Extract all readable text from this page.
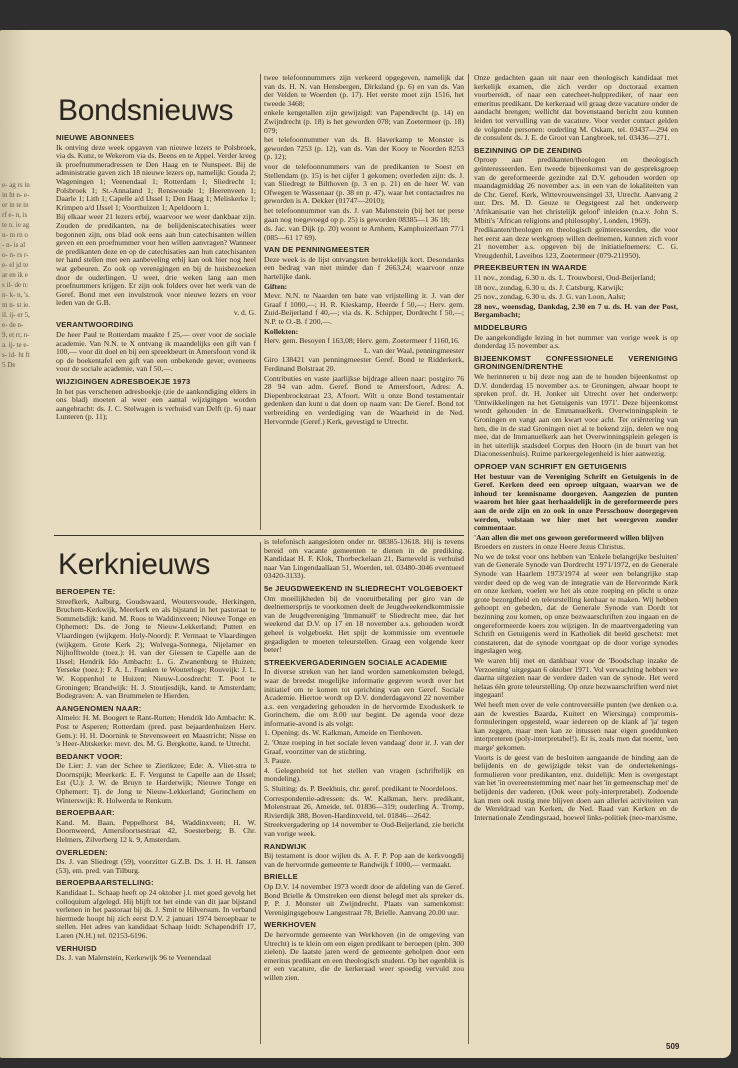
e- ag rs in in ht n- e- er in te in rf e- n, is te n. ie ag u- m rn o- n- is al o- n- rs r- e- el jd te ar en ik es il- de n: n- k- n, 's. m n- st ie. il. ij- er 5, e- de n- 9, et rr, n- a. ij- te e- s- id- ht ft 5 De
Bondsnieuws
NIEUWE ABONNEES

Ik ontving deze week opgaven van nieuwe lezers te Polsbroek, via ds. Kunz, te Wekerom via ds. Beens en te Appel. Verder kreeg ik proefnummeradressen te Den Haag en te Nunspeet. Bij de administratie gaven zich 18 nieuwe lezers op, namelijk: Gouda 2; Wageningen 1; Veenendaal 1; Rotterdam 1; Sliedrecht 1; Polsbroek 1; St.-Annaland 1; Renswoude 1; Heerenveen 1; Daarle 1; Lith 1; Capelle a/d IJssel 1; Den Haag 1; Meliskerke 1; Krimpen a/d IJssel 1; Voorthuizen 1; Apeldoorn 1.

Bij elkaar weer 21 lezers erbij, waarvoor we weer dankbaar zijn. Zouden de predikanten, na de belijdeniscatechisaties weer begonnen zijn, ons blad ook eens aan hun catechisanten willen geven en een proefnummer voor hen willen aanvragen? Wanneer de predikanten deze en op de catechisaties aan hun catechisanten ter hand stellen met een aanbeveling erbij kan ook hier nog heel wat gebeuren. Zo ook op verenigingen en bij de huisbezoeken door de ouderlingen. U weet, drie weken lang aan men proefnummers krijgen. Er zijn ook folders over het werk van de Geref. Bond met een invulstrook voor nieuwe lezers en voor leden van de G.B.

v. d. G.

VERANTWOORDING

De heer Paul te Rotterdam maakte f 25,— over voor de sociale academie. Van N.N. te X ontvang ik maandelijks een gift van f 100,— voor dit doel en bij een spreekbeurt in Amersfoort vond ik op de boekentafel een gift van een onbekende gever, eveneens voor de sociale academie, van f 50,—.

WIJZIGINGEN ADRESBOEKJE 1973

In het pas verschenen adresboekje (zie de aankondiging elders in ons blad) moeten al weer een aantal wijzigingen worden aangebracht: ds. J. C. Stelwagen is verhuisd van Delft (p. 6) naar Lunteren (p. 11);

twee telefoonnummers zijn verkeerd opgegeven, namelijk dat van ds. H. N. van Hensbergen, Dirksland (p. 6) en van ds. Van der Velden te Woerden (p. 17). Het eerste moet zijn 1516, het tweede 3468;

enkele kengetallen zijn gewijzigd: van Papendrecht (p. 14) en Zwijndrecht (p. 18) is het geworden 078; van Zoetermeer (p. 18) 079;

het telefoonnummer van ds. B. Haverkamp te Monster is geworden 7253 (p. 12), van ds. Van der Kooy te Noorden 8253 (p. 12);

voor de telefoonnummers van de predikanten te Soest en Stellendam (p. 15) is het cijfer 1 gekomen; overleden zijn: ds. J. van Sliedregt te Bilthoven (p. 3 en p. 21) en de heer W. van Ofwegen te Wassenaar (p. 38 en p. 47), waar het contactadres nu geworden is A. Dekker (01747—2010);

het telefoonnummer van ds. J. van Malenstein (bij het ter perse gaan nog toegevoegd op p. 25) is geworden 08385—1 36 18;

ds. Jac. van Dijk (p. 20) woont te Arnhem, Kamphuizerlaan 77/1 (085—61 17 69).

VAN DE PENNINGMEESTER

Deze week is de lijst ontvangsten betrekkelijk kort. Desondanks een bedrag van niet minder dan f 2663,24; waarvoor onze hartelijke dank.

Giften:

Mevr. N.N. te Naarden ten bate van vrijstelling ir. J. van der Graaf f 1000,—; H. R. Kieskamp, Heerde f 50,—; Herv. gem. Zuid-Beijerland f 40,—; via ds. K. Schipper, Dordrecht f 50,—; N.P. te O.-B. f 200,—.

Kollekten:

Herv. gem. Besoyen f 163,08; Herv. gem. Zoetermeer f 1160,16.

L. van der Waal, penningmeester

Giro 138421 van penningmeester Geref. Bond te Ridderkerk, Ferdinand Bolstraat 20.

Contributies en vaste jaarlijkse bijdrage alleen naar: postgiro 76 28 94 van adm. Geref. Bond te Amersfoort, Adres: A. Diepenbrockstraat 23, A'foort. Wilt u onze Bond testamentair gedenken dan kunt u dat doen op naam van: De Geref. Bond tot verbreiding en verdediging van de Waarheid in de Ned. Hervormde (Geref.) Kerk, gevestigd te Utrecht.

Kerknieuws
BEROEPEN TE:

Streefkerk, Aalburg, Goudswaard, Woutersvoude, Herkingen, Bruchem-Kerkwijk, Meerkerk en als bijstand in het pastoraat te Sommelsdijk: kand. M. Roos te Waddinxveen; Nieuwe Tonge en Ophemert: Ds. de Jong te Nieuw-Lekkerland; Putten en Vlaardingen (wijkgem. Holy-Noord): P. Vermaat te Vlaardingen (wijkgem. Grote Kerk 2); Wolvega-Sonnega, Nijelamer en Nijhofftwolde (toez.): H. van der Giessen te Capelle aan de IJssel; Hendrik Ido Ambacht: L. G. Zwanenburg te Huizen; Yerseke (toez.): F. A. L. Franken te Wouterloge; Rouveijk: J. L. W. Koppenhol te Huizen; Nieuw-Loosdrecht: T. Poot te Groningen; Brandwijk: H. J. Stoutjesdijk, kand. te Amsterdam; Bodegraven: A. van Brummelen te Hierden.

AANGENOMEN NAAR:

Almelo: H. M. Boogert te Rant-Rutten; Hendrik Ido Ambacht: K. Post te Asperen; Rotterdam (pred. past bejaardenhuizen Herv. Gem.): H. H. Doornink te Stevensweert en Maastricht; Nisse en 's Heer-Abtskerke: mevr. drs. M. G. Bergkotte, kand. te Utrecht.

BEDANKT VOOR:

De Lier: J. van der Schee te Zierikzee; Ede: A. Vliet-stra te Doornspijk; Meerkerk: E. F. Vergunst te Capelle aan de IJssel; Est (U.): J. W. de Bruyn te Harderwijk; Nieuwe Tonge en Ophemert: Tj. de Jong te Nieuw-Lekkerland; Gorinchem en Winterswijk: R. Holwerda te Renkum.

BEROEPBAAR:

Kand. M. Baan, Peppelhorst 84, Waddinxveen; H. W. Doornweerd, Amersfoortsestraat 42, Soesterberg; B. Chr. Helmers, Zilverberg 12 k. 9, Amsterdam.

OVERLEDEN:

Ds. J. van Sliedregt (59), voorzitter G.Z.B. Ds. J. H. H. Jansen (53), em. pred. van Tilburg.

BEROEPBAARSTELLING:

Kandidaat L. Schaap heeft op 24 oktober j.l. met goed gevolg het colloquium afgelegd. Hij blijft tot het einde van dit jaar bijstand verlenen in het pastoraat bij ds. J. Smit te Hilversum. In verband hiermede hoopt hij zich eerst D.V. 2 januari 1974 beroepbaar te stellen. Het adres van kandidaat Schaap luidt: Schapendrift 17, Laren (N.H.) tel. 02153-6196.

VERHUISD

Ds. J. van Malenstein, Kerkewijk 96 te Veenendaal

is telefonisch aangesloten onder nr. 08385-13618. Hij is tevens bereid om vacante gemeenten te dienen in de prediking. Kandidaat H. F. Klok, Thorbeckelaan 21, Barneveld is verhuisd naar Van Lingendaallaan 51, Woerden, tel. 03480-3046 eventueel 03420-3133).

5e JEUGDWEEKEND IN SLIEDRECHT VOLGEBOEKT

Om moeilijkheden bij de vooruitbetaling per giro van de deelnemersprijs te voorkomen deelt de Jeugdweekendkommissie van de Jeugdvereniging 'Immanuël' te Sliedrecht mee, dat het weekend dat D.V. op 17 en 18 november a.s. gehouden wordt geheel is volgeboekt. Het spijt de kommissie om eventuele gegadigden te moeten teleurstellen. Graag een volgende keer beter!

STREEKVERGADERINGEN SOCIALE ACADEMIE

In diverse streken van het land worden samenkomsten belegd, waar de breedst mogelijke informatie gegeven wordt over het initiatief om te komen tot oprichting van een Geref. Sociale Academie. Hiertoe wordt op D.V. donderdagavond 22 november a.s. een vergadering gehouden in de hervormde Exoduskerk te Gorinchem, die om 8.00 uur begint. De agenda voor deze informatie-avond is als volgt:

1. Opening: ds. W. Kalkman, Ameide en Tienhoven.

2. 'Onze roeping in het sociale leven vandaag' door ir. J. van der Graaf, voorzitter van de stichting.

3. Pauze.

4. Gelegenheid tot het stellen van vragen (schriftelijk en mondeling).

5. Sluiting: ds. P. Beekhuis, chr. geref. predikant te Noordeloos.

Correspondentie-adressen: ds. W. Kalkman, herv. predikant, Molenstraat 26, Ameide, tel. 01836—319; ouderling A. Tromp, Rivierdijk 388, Boven-Hardinxveld, tel. 01846—2642.

Streekvergadering op 14 november te Oud-Beijerland, zie bericht van vorige week.

RANDWIJK

Bij testament is door wijlen ds. A. F. P. Pop aan de kerkvoogdij van de hervormde gemeente te Randwijk f 1000,— vermaakt.

BRIELLE

Op D.V. 14 november 1973 wordt door de afdeling van de Geref. Bond Brielle & Omstreken een dienst belegd met als spreker ds. P. P. J. Monster uit Zwijndrecht. Plaats van samenkomst: Verenigingsgebouw Langestraat 78, Brielle. Aanvang 20.00 uur.

WERKHOVEN

De hervormde gemeente van Werkhoven (in de omgeving van Utrecht) is te klein om een eigen predikant te beroepen (plm. 300 zielen). De laatste jaren werd de gemeente geholpen door een emeritus predikant en een theologisch student. Op het ogenblik is er een vacature, die de kerkeraad weer spoedig vervuld zou willen zien.

Onze gedachten gaan uit naar een theologisch kandidaat met kerkelijk examen, die zich verder op doctoraal examen voorbereidt, of naar een catecheet-hulpprediker, of naar een emeritus predikant. De kerkeraad wil graag deze vacature onder de aandacht brengen; wellicht dat bovenstaand bericht zou kunnen leiden tot vervulling van de vacature. Voor verder contact gelden de volgende personen: ouderling M. Oskam, tel. 03437—294 en de consulent ds. J. E. de Groot van Langbroek, tel. 03436—271.

BEZINNING OP DE ZENDING

Oproep aan predikanten/theologen en theologisch geïnteresseerden. Een tweede bijeenkomst van de gespreksgroep van de gereformeerde gezindte zal D.V. gehouden worden op maandagmiddag 26 november a.s. in een van de lokaliteiten van de Chr. Geref. Kerk, Wittevrouwensingel 33, Utrecht. Aanvang 2 uur. Drs. M. D. Geuze te Oegstgeest zal het onderwerp 'Afrikanisatie van het christelijk geloof' inleiden (n.a.v. John S. Mbiti's 'African religions and philosophy', Londen, 1969).

Predikanten/theologen en theologisch geïnteresseerden, die voor het eerst aan deze werkgroep willen deelnemen, kunnen zich voor 21 november a.s. opgeven bij de initiatiefnemers: C. G. Vreugdenhil, Laveibos 123, Zoetermeer (079-211950).

PREEKBEURTEN IN WAARDE

11 nov., zondag, 6.30 u. ds. L. Trouwborst, Oud-Beijerland;

18 nov., zondag, 6.30 u. ds. J. Catsburg, Katwijk;

25 nov., zondag, 6.30 u. ds. J. G. van Loon, Aalst;

28 nov., woensdag, Dankdag, 2.30 en 7 u. ds. H. van der Post, Bergambacht;

MIDDELBURG

De aangekondigde lezing in het nummer van vorige week is op donderdag 15 november a.s.

BIJEENKOMST CONFESSIONELE VERENIGING GRONINGEN/DRENTHE

We herinneren u bij deze nog aan de te houden bijeenkomst op D.V. donderdag 15 november a.s. te Groningen, alwaar hoopt te spreken prof. dr. H. Jonker uit Utrecht over het onderwerp: 'Ontwikkelingen na het Getuigenis van 1971'. Deze bijeenkomst wordt gehouden in de Emmanuelkerk. Overwinningsplein te Groningen en vangt aan om kwart voor acht. Ter oriëntering van hen, die in de stad Groningen niet al te bekend zijn, delen we nog mee, dat de Immanuelkerk aan het Overwinningsplein gelegen is in het uiterlijk stadsdeel Corpus den Hoorn (in de buurt van het Diaconessenhuis). Ruime parkeergelegenheid is hier aanwezig.

OPROEP VAN SCHRIFT EN GETUIGENIS

Het bestuur van de Vereniging Schrift en Getuigenis in de Geref. Kerken deed een oproep uitgaan, waarvan we de inhoud ter kennisname doorgeven. Aangezien de punten waarom het hier gaat herhaaldelijk in de gereformeerde pers aan de orde zijn en zo ook in onze Persschouw doorgegeven werden, volstaan we hier met het weergeven zonder commentaar.

'Aan allen die met ons gewoon gereformeerd willen blijven

Broeders en zusters in onze Heere Jezus Christus.

Nu we de tekst voor ons hebben van 'Enkele belangrijke besluiten' van de Generale Synode van Dordrecht 1971/1972, en de Generale Synode van Haarlem 1973/1974 al weer een belangrijke stap verder deed op de weg van de integratie van de Hervormde Kerk en onze kerken, voelen we het als onze roeping en plicht u onze grote bezorgdheid en teleurstelling kenbaar te maken. Wij hebben gehoopt en gebeden, dat de Generale Synode van Dordt tot bezinning zou komen, op onze bezwaarschriften zou ingaan en de ongereformeerde koers zou wijzigen. In de maartvergadering van Schrift en Getuigenis werd in Katholiek dit beeld geschetst: met constateren, dat de synode voortgaat op de door vorige synodes ingeslagen weg.

We waren blij met en dankbaar voor de 'Boodschap inzake de Verzoening' uitgegaan 6 oktober 1971. Vol verwachting hebben we daarna uitgezien naar de verdere daden van de synode. Het werd helaas één grote teleurstelling. Op onze bezwaarschriften werd niet ingegaan!

Wel heeft men over de vele controversiële punten (we denken o.a. aan de kwesties Baarda, Kuitert en Wiersinga) compromis-formuleringen opgesteld, waar iedereen op de klank af 'ja' tegen kan zeggen, maar men kan ze intussen naar eigen goeddunken interpreteren (poly-interpretabel!). Er is, zoals men dat noemt, 'een marge' gekomen.

Voorts is de geest van de besluiten aangaande de binding aan de belijdenis en de gewijzigde tekst van de ondertekenings-formulieren voor predikanten, enz. duidelijk: Men is overgestapt van het 'in overeenstemming met' naar het 'in gemeenschap met' de belijdenis der vaderen. (Ook weer poly-interpretabel). Zodoende kan men ook rustig mee blijven doen aan allerlei activiteiten van de Wereldraad van Kerken, de Ned. Raad van Kerken en de Internationale Zendingsraad, hoewel links-politiek (neo-marxisme,

509
